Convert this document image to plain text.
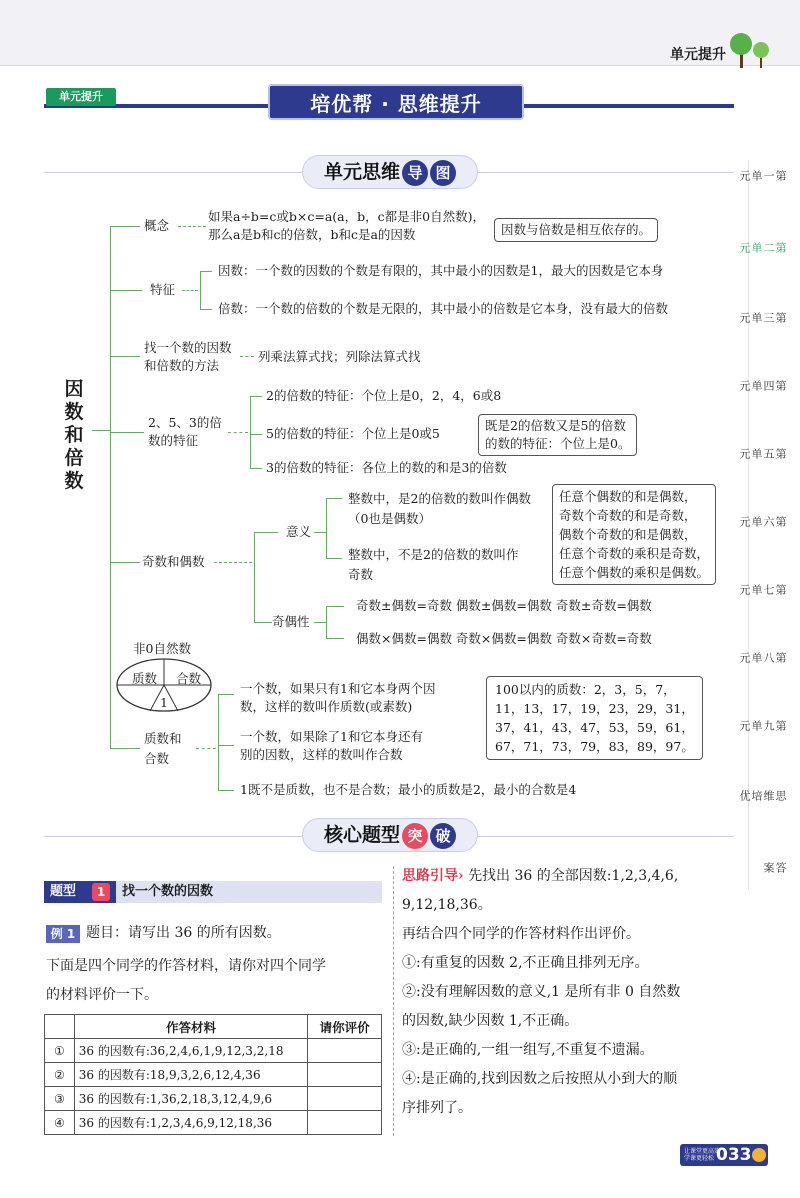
单元提升
单元提升	培优帮 · 思维提升
第一单元
第二单元
第三单元
第四单元
第五单元
第六单元
第七单元
第八单元
第九单元
思维培优
答案
单元思维 导 图
因
数
和
倍
数
概念
如果a÷b=c或b×c=a(a，b，c都是非0自然数)，
那么a是b和c的倍数，b和c是a的因数	因数与倍数是相互依存的。
特征
因数：一个数的因数的个数是有限的，其中最小的因数是1，最大的因数是它本身
倍数：一个数的倍数的个数是无限的，其中最小的倍数是它本身，没有最大的倍数
找一个数的因数
和倍数的方法
列乘法算式找；列除法算式找
2、5、3的倍
数的特征
2的倍数的特征：个位上是0，2，4，6或8
5的倍数的特征：个位上是0或5
3的倍数的特征：各位上的数的和是3的倍数
既是2的倍数又是5的倍数
的数的特征：个位上是0。
奇数和偶数
意义
整数中，是2的倍数的数叫作偶数
（0也是偶数）
整数中，不是2的倍数的数叫作
奇数
任意个偶数的和是偶数，
奇数个奇数的和是奇数，
偶数个奇数的和是偶数，
任意个奇数的乘积是奇数，
任意个偶数的乘积是偶数。
奇偶性
奇数±偶数=奇数 偶数±偶数=偶数 奇数±奇数=偶数
偶数×偶数=偶数 奇数×偶数=偶数 奇数×奇数=奇数
非0自然数
质数 合数
1
质数和
合数
一个数，如果只有1和它本身两个因
数，这样的数叫作质数(或素数)
一个数，如果除了1和它本身还有
别的因数，这样的数叫作合数
1既不是质数，也不是合数；最小的质数是2，最小的合数是4
100以内的质数：2，3，5，7，
11，13，17，19，23，29，31，
37，41，43，47，53，59，61，
67，71，73，79，83，89，97。
核心题型 突 破
题型	1	找一个数的因数
例 1 题目：请写出 36 的所有因数。
下面是四个同学的作答材料，请你对四个同学
的材料评价一下。
	作答材料	请你评价
①	36 的因数有:36,2,4,6,1,9,12,3,2,18	
②	36 的因数有:18,9,3,2,6,12,4,36	
③	36 的因数有:1,36,2,18,3,12,4,9,6	
④	36 的因数有:1,2,3,4,6,9,12,18,36	
思路引导› 先找出 36 的全部因数:1,2,3,4,6,
9,12,18,36。
再结合四个同学的作答材料作出评价。
①:有重复的因数 2,不正确且排列无序。
②:没有理解因数的意义,1 是所有非 0 自然数
的因数,缺少因数 1,不正确。
③:是正确的,一组一组写,不重复不遗漏。
④:是正确的,找到因数之后按照从小到大的顺
序排列了。
让课堂更高效 学课更轻松 033
